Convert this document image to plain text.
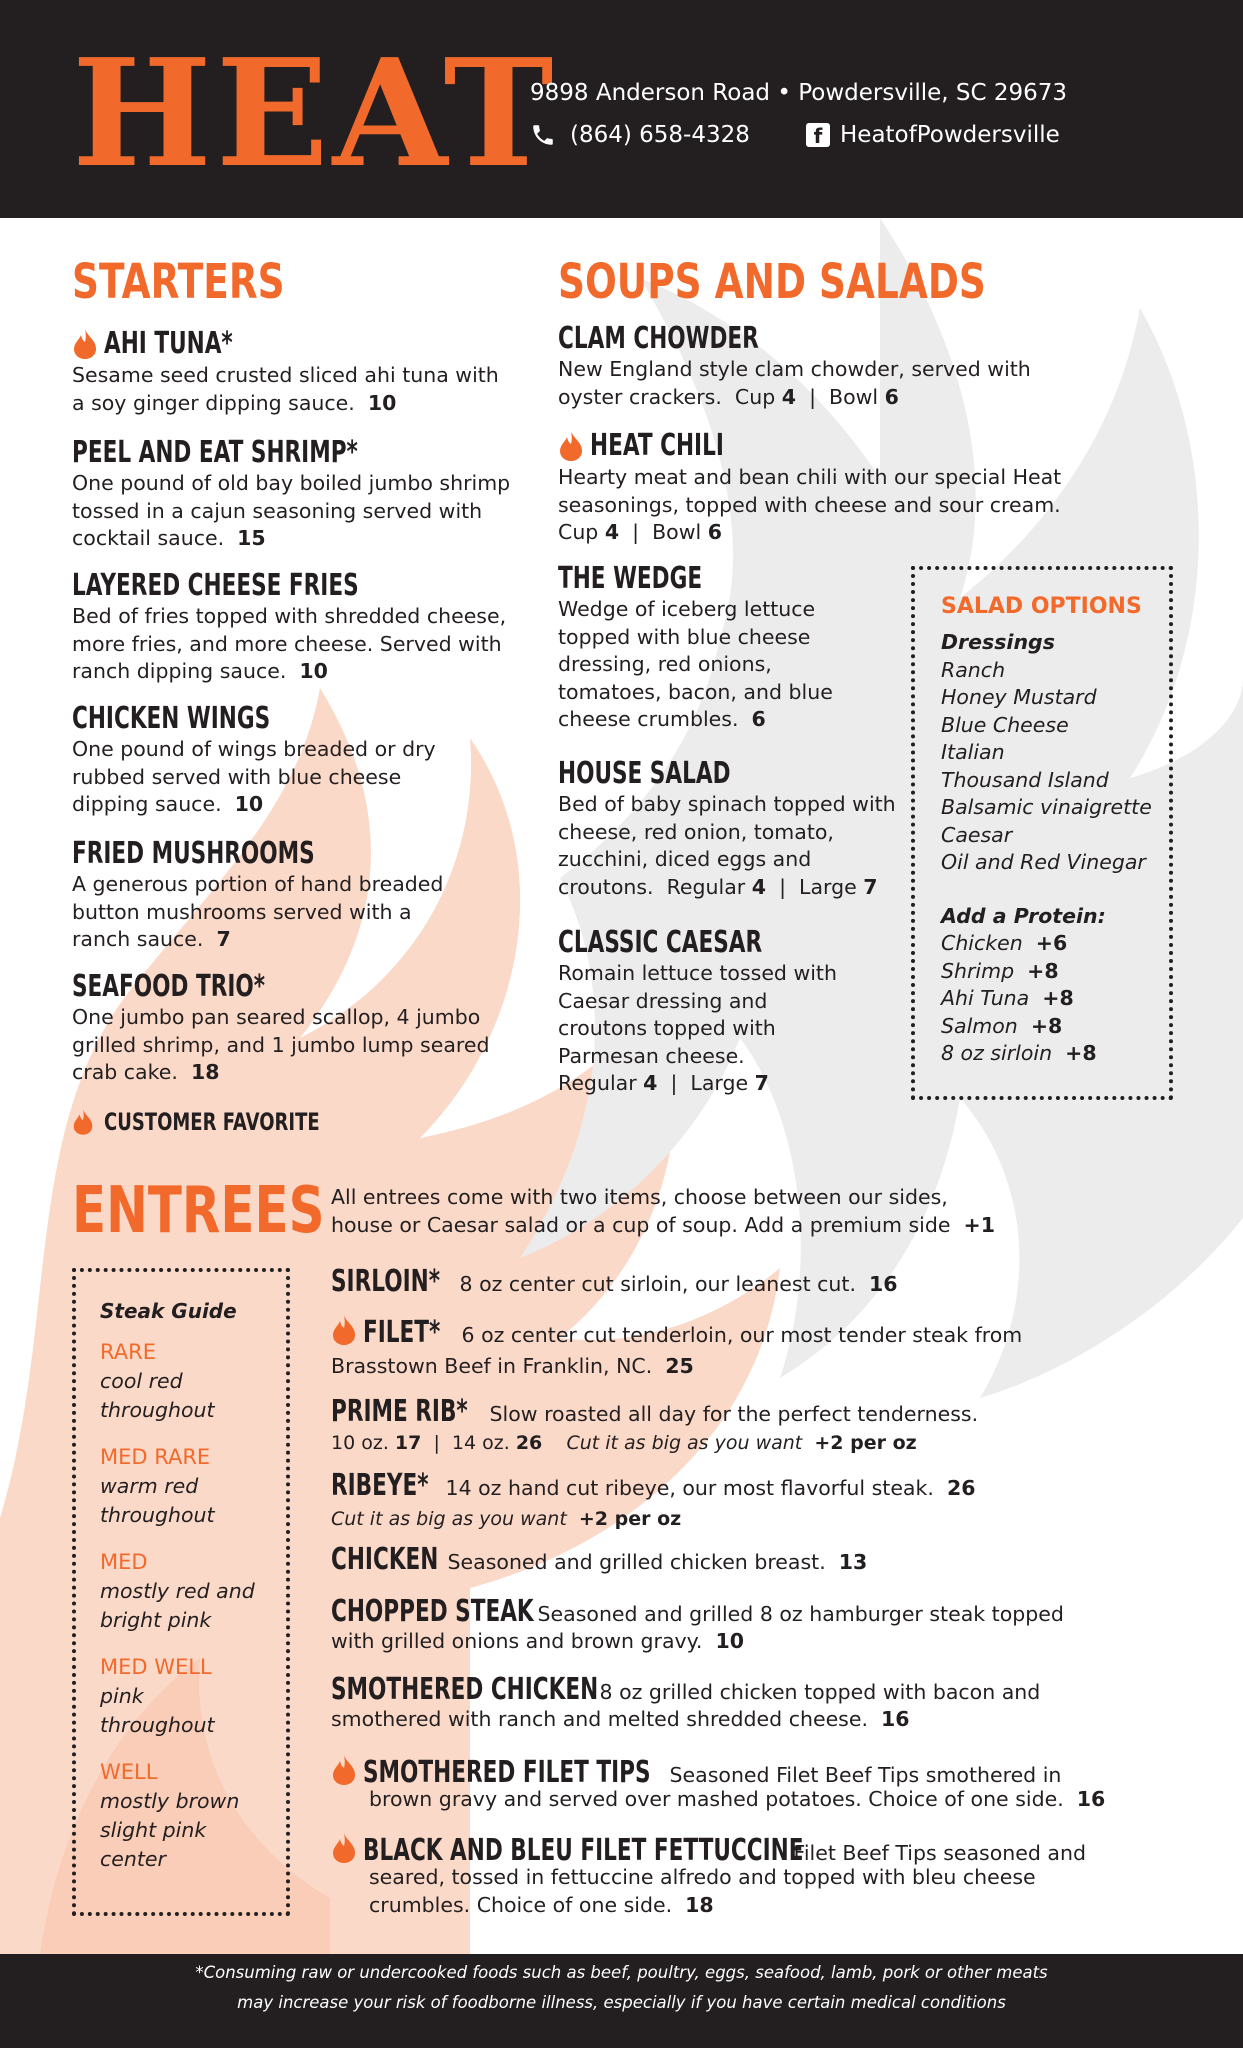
HEAT
9898 Anderson Road • Powdersville, SC 29673
(864) 658-4328	f HeatofPowdersville
STARTERS
AHI TUNA*
Sesame seed crusted sliced ahi tuna with a soy ginger dipping sauce. 10
PEEL AND EAT SHRIMP*
One pound of old bay boiled jumbo shrimp tossed in a cajun seasoning served with cocktail sauce. 15
LAYERED CHEESE FRIES
Bed of fries topped with shredded cheese, more fries, and more cheese. Served with ranch dipping sauce. 10
CHICKEN WINGS
One pound of wings breaded or dry rubbed served with blue cheese dipping sauce. 10
FRIED MUSHROOMS
A generous portion of hand breaded button mushrooms served with a ranch sauce. 7
SEAFOOD TRIO*
One jumbo pan seared scallop, 4 jumbo grilled shrimp, and 1 jumbo lump seared crab cake. 18
CUSTOMER FAVORITE
SOUPS AND SALADS
CLAM CHOWDER
New England style clam chowder, served with oyster crackers. Cup 4  |  Bowl 6
HEAT CHILI
Hearty meat and bean chili with our special Heat seasonings, topped with cheese and sour cream.
Cup 4  |  Bowl 6
THE WEDGE
Wedge of iceberg lettuce topped with blue cheese dressing, red onions, tomatoes, bacon, and blue cheese crumbles. 6
HOUSE SALAD
Bed of baby spinach topped with cheese, red onion, tomato, zucchini, diced eggs and croutons. Regular 4  |  Large 7
CLASSIC CAESAR
Romain lettuce tossed with Caesar dressing and croutons topped with Parmesan cheese.
Regular 4  |  Large 7
SALAD OPTIONS
Dressings
Ranch
Honey Mustard
Blue Cheese
Italian
Thousand Island
Balsamic vinaigrette
Caesar
Oil and Red Vinegar
Add a Protein:
Chicken +6
Shrimp +8
Ahi Tuna +8
Salmon +8
8 oz sirloin +8
ENTREES All entrees come with two items, choose between our sides,
house or Caesar salad or a cup of soup. Add a premium side +1
Steak Guide
RARE
cool red
throughout
MED RARE
warm red
throughout
MED
mostly red and
bright pink
MED WELL
pink
throughout
WELL
mostly brown
slight pink
center
SIRLOIN* 8 oz center cut sirloin, our leanest cut. 16
FILET* 6 oz center cut tenderloin, our most tender steak from
Brasstown Beef in Franklin, NC. 25
PRIME RIB* Slow roasted all day for the perfect tenderness.
10 oz. 17  |  14 oz. 26 Cut it as big as you want +2 per oz
RIBEYE* 14 oz hand cut ribeye, our most flavorful steak. 26
Cut it as big as you want +2 per oz
CHICKEN Seasoned and grilled chicken breast. 13
CHOPPED STEAK Seasoned and grilled 8 oz hamburger steak topped
with grilled onions and brown gravy. 10
SMOTHERED CHICKEN 8 oz grilled chicken topped with bacon and
smothered with ranch and melted shredded cheese. 16
SMOTHERED FILET TIPS Seasoned Filet Beef Tips smothered in
brown gravy and served over mashed potatoes. Choice of one side. 16
BLACK AND BLEU FILET FETTUCCINE Filet Beef Tips seasoned and
seared, tossed in fettuccine alfredo and topped with bleu cheese
crumbles. Choice of one side. 18
*Consuming raw or undercooked foods such as beef, poultry, eggs, seafood, lamb, pork or other meats
may increase your risk of foodborne illness, especially if you have certain medical conditions
